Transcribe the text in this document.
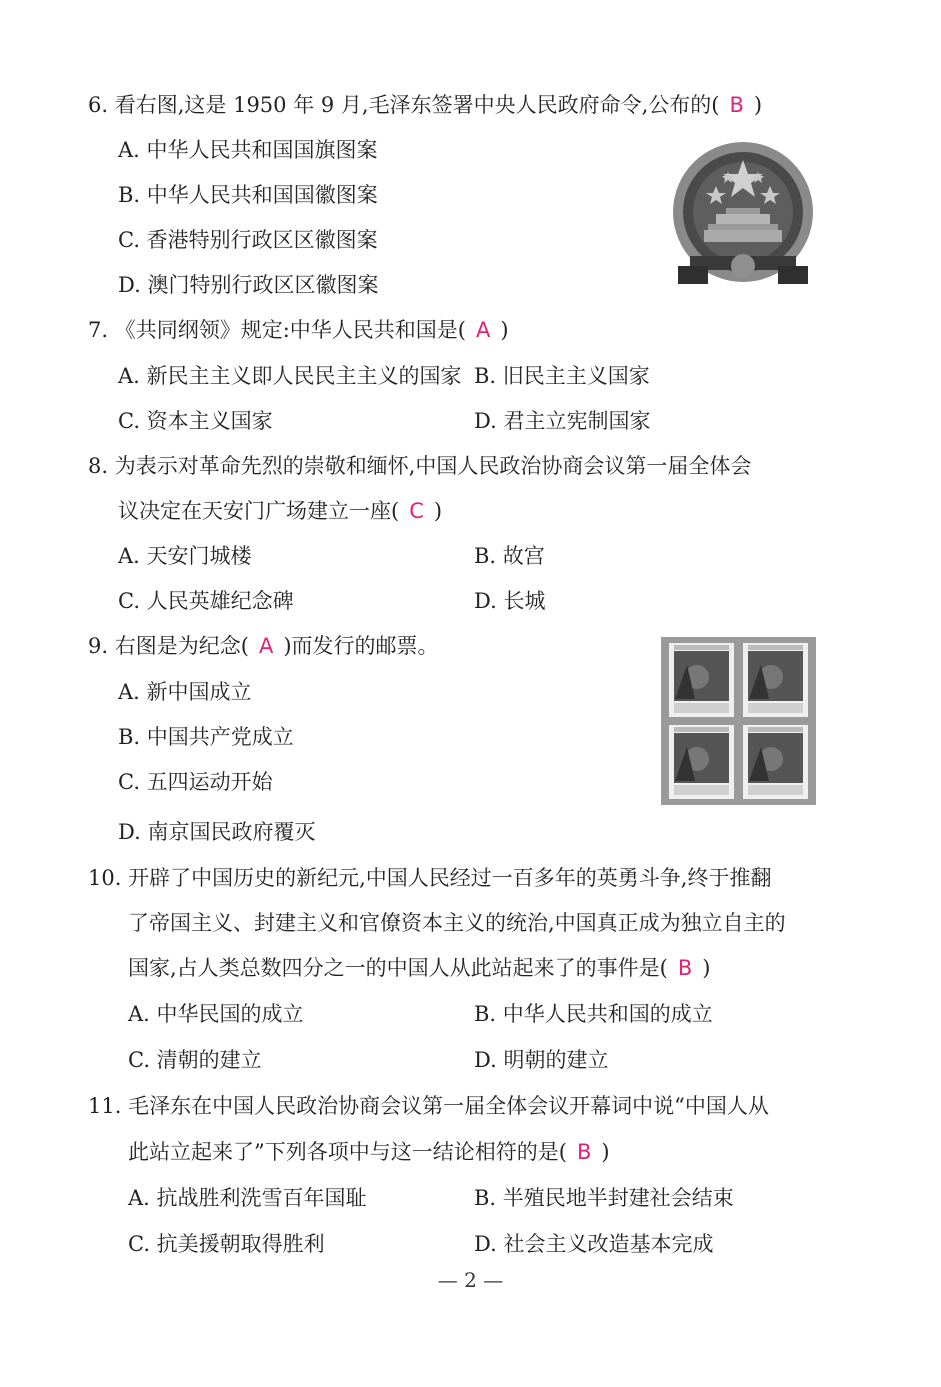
6. 看右图,这是 1950 年 9 月,毛泽东签署中央人民政府命令,公布的( B )
A. 中华人民共和国国旗图案
B. 中华人民共和国国徽图案
C. 香港特别行政区区徽图案
D. 澳门特别行政区区徽图案
7. 《共同纲领》规定:中华人民共和国是( A )
A. 新民主主义即人民民主主义的国家 B. 旧民主主义国家
C. 资本主义国家	D. 君主立宪制国家
8. 为表示对革命先烈的崇敬和缅怀,中国人民政治协商会议第一届全体会
议决定在天安门广场建立一座( C )
A. 天安门城楼	B. 故宫
C. 人民英雄纪念碑	D. 长城
9. 右图是为纪念( A )而发行的邮票。
A. 新中国成立
B. 中国共产党成立
C. 五四运动开始
D. 南京国民政府覆灭
10. 开辟了中国历史的新纪元,中国人民经过一百多年的英勇斗争,终于推翻
了帝国主义、封建主义和官僚资本主义的统治,中国真正成为独立自主的
国家,占人类总数四分之一的中国人从此站起来了的事件是( B )
A. 中华民国的成立	B. 中华人民共和国的成立
C. 清朝的建立	D. 明朝的建立
11. 毛泽东在中国人民政治协商会议第一届全体会议开幕词中说“中国人从
此站立起来了”下列各项中与这一结论相符的是( B )
A. 抗战胜利洗雪百年国耻	B. 半殖民地半封建社会结束
C. 抗美援朝取得胜利	D. 社会主义改造基本完成
— 2 —
